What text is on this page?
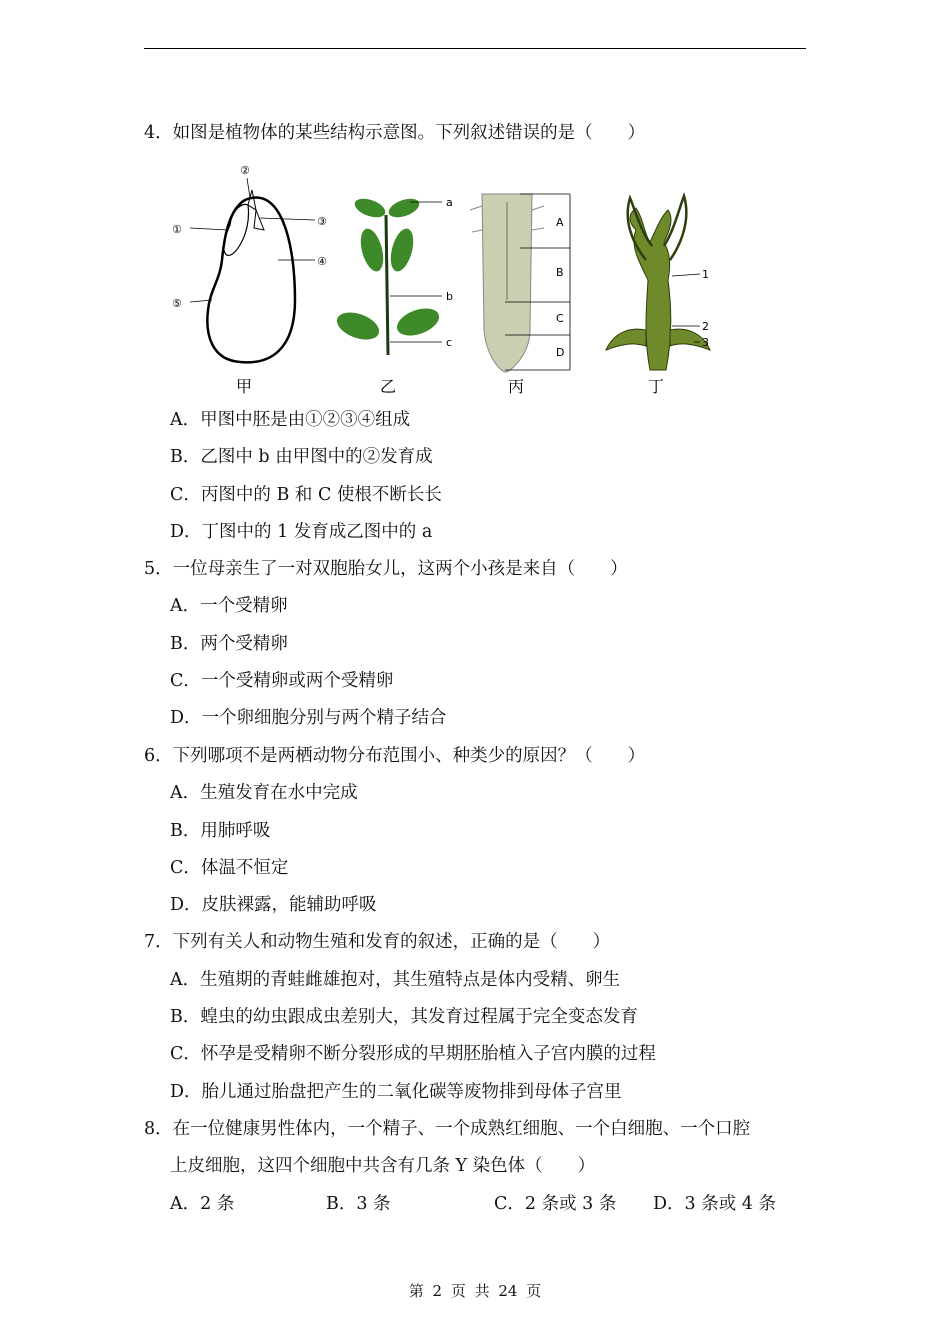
4．如图是植物体的某些结构示意图。下列叙述错误的是（　　）
①
②
③
④
⑤
甲
a
b
c
乙
A
B
C
D
丙
1
2
3
丁
A．甲图中胚是由①②③④组成
B．乙图中 b 由甲图中的②发育成
C．丙图中的 B 和 C 使根不断长长
D．丁图中的 1 发育成乙图中的 a
5．一位母亲生了一对双胞胎女儿，这两个小孩是来自（　　）
A．一个受精卵
B．两个受精卵
C．一个受精卵或两个受精卵
D．一个卵细胞分别与两个精子结合
6．下列哪项不是两栖动物分布范围小、种类少的原因？（　　）
A．生殖发育在水中完成
B．用肺呼吸
C．体温不恒定
D．皮肤裸露，能辅助呼吸
7．下列有关人和动物生殖和发育的叙述，正确的是（　　）
A．生殖期的青蛙雌雄抱对，其生殖特点是体内受精、卵生
B．蝗虫的幼虫跟成虫差别大，其发育过程属于完全变态发育
C．怀孕是受精卵不断分裂形成的早期胚胎植入子宫内膜的过程
D．胎儿通过胎盘把产生的二氧化碳等废物排到母体子宫里
8．在一位健康男性体内，一个精子、一个成熟红细胞、一个白细胞、一个口腔
上皮细胞，这四个细胞中共含有几条 Y 染色体（　　）
A．2 条	B．3 条	C．2 条或 3 条 D．3 条或 4 条
第 2 页 共 24 页
